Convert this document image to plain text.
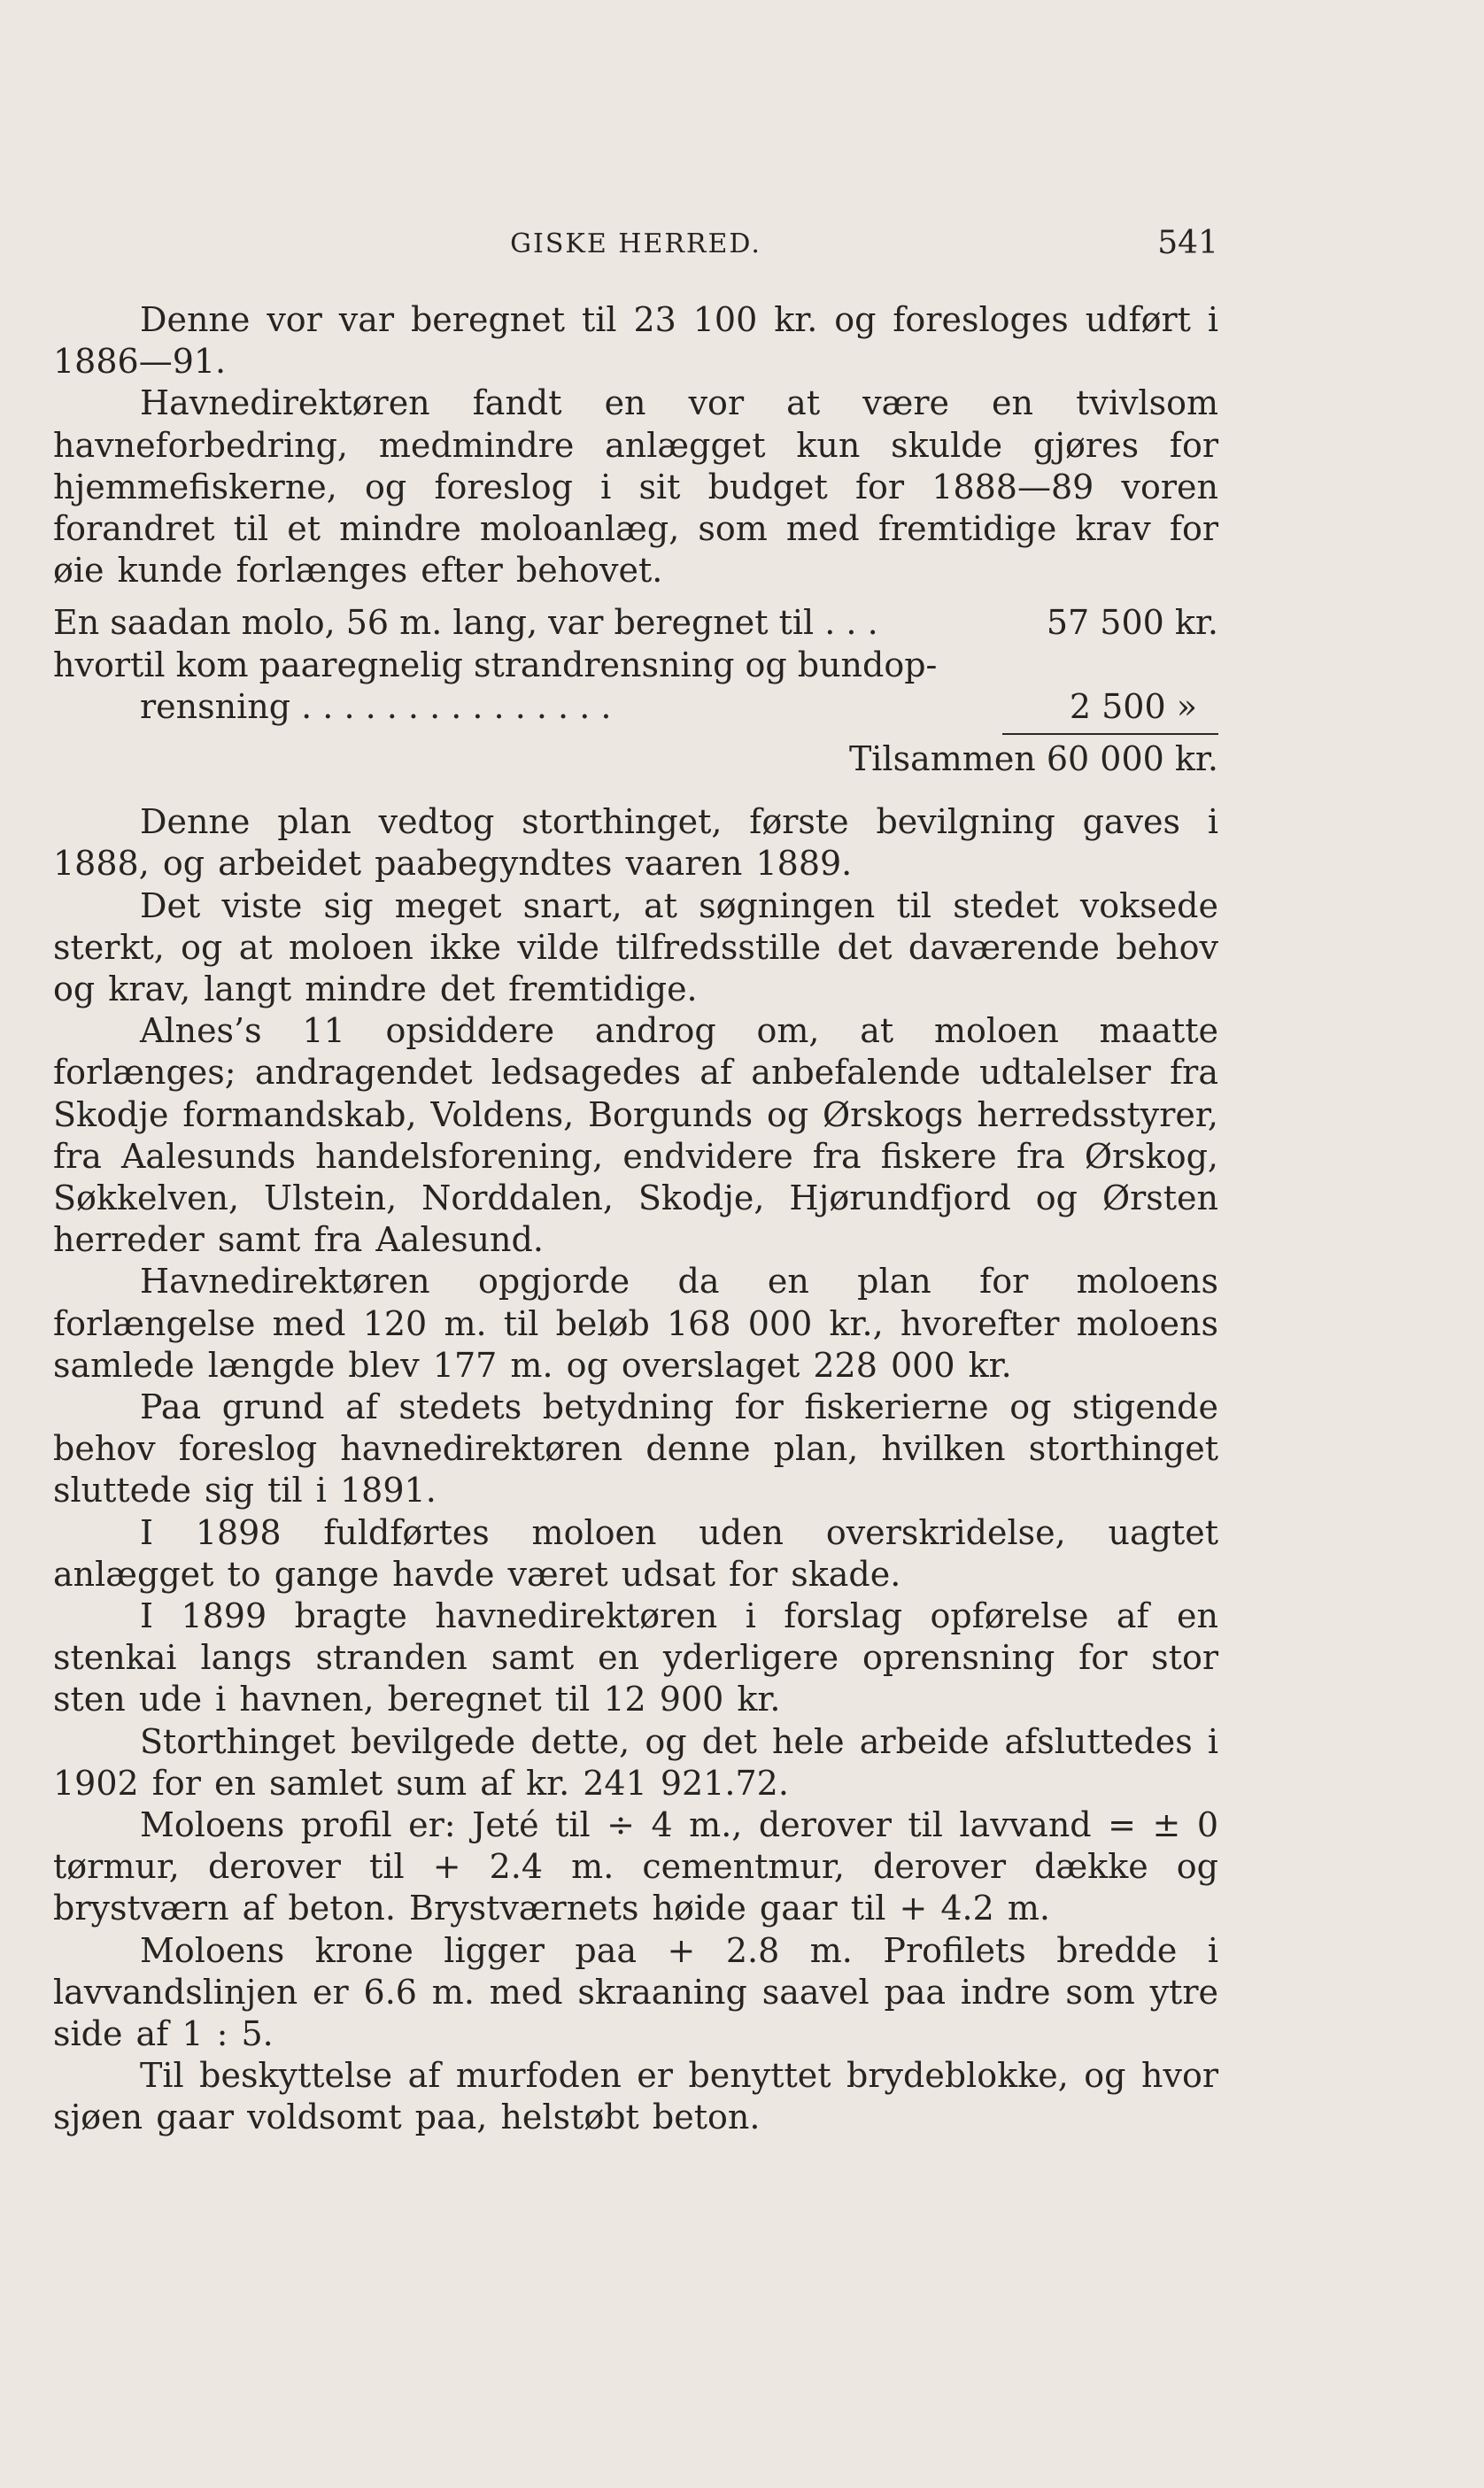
GISKE HERRED.	541

Denne vor var beregnet til 23 100 kr. og foresloges udført i 1886—91.

Havnedirektøren fandt en vor at være en tvivlsom havneforbedring, medmindre anlægget kun skulde gjøres for hjemmefiskerne, og foreslog i sit budget for 1888—89 voren forandret til et mindre moloanlæg, som med fremtidige krav for øie kunde forlænges efter behovet.

En saadan molo, 56 m. lang, var beregnet til . . .	57 500 kr.
hvortil kom paaregnelig strandrensning og bundop-
rensning . . . . . . . . . . . . . . .	2 500 »
Tilsammen 60 000 kr.

Denne plan vedtog storthinget, første bevilgning gaves i 1888, og arbeidet paabegyndtes vaaren 1889.

Det viste sig meget snart, at søgningen til stedet voksede sterkt, og at moloen ikke vilde tilfredsstille det daværende behov og krav, langt mindre det fremtidige.

Alnes’s 11 opsiddere androg om, at moloen maatte forlænges; andragendet ledsagedes af anbefalende udtalelser fra Skodje formandskab, Voldens, Borgunds og Ørskogs herredsstyrer, fra Aalesunds handelsforening, endvidere fra fiskere fra Ørskog, Søkkelven, Ulstein, Norddalen, Skodje, Hjørundfjord og Ørsten herreder samt fra Aalesund.

Havnedirektøren opgjorde da en plan for moloens forlængelse med 120 m. til beløb 168 000 kr., hvorefter moloens samlede længde blev 177 m. og overslaget 228 000 kr.

Paa grund af stedets betydning for fiskerierne og stigende behov foreslog havnedirektøren denne plan, hvilken storthinget sluttede sig til i 1891.

I 1898 fuldførtes moloen uden overskridelse, uagtet anlægget to gange havde været udsat for skade.

I 1899 bragte havnedirektøren i forslag opførelse af en stenkai langs stranden samt en yderligere oprensning for stor sten ude i havnen, beregnet til 12 900 kr.

Storthinget bevilgede dette, og det hele arbeide afsluttedes i 1902 for en samlet sum af kr. 241 921.72.

Moloens profil er: Jeté til ÷ 4 m., derover til lavvand = ± 0 tørmur, derover til + 2.4 m. cementmur, derover dække og brystværn af beton. Brystværnets høide gaar til + 4.2 m.

Moloens krone ligger paa + 2.8 m. Profilets bredde i lavvandslinjen er 6.6 m. med skraaning saavel paa indre som ytre side af 1 : 5.

Til beskyttelse af murfoden er benyttet brydeblokke, og hvor sjøen gaar voldsomt paa, helstøbt beton.
